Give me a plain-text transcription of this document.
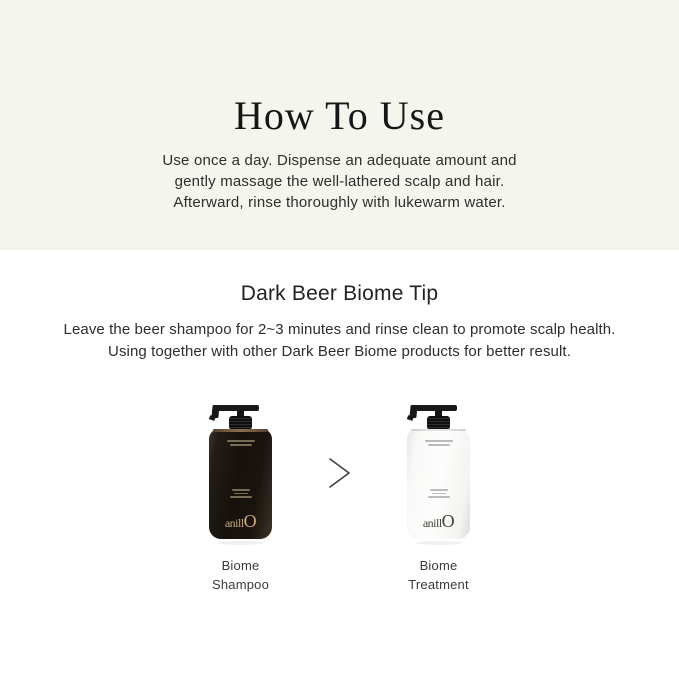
How To Use

Use once a day. Dispense an adequate amount and

gently massage the well-lathered scalp and hair.

Afterward, rinse thoroughly with lukewarm water.

Dark Beer Biome Tip

Leave the beer shampoo for 2~3 minutes and rinse clean to promote scalp health.

Using together with other Dark Beer Biome products for better result.

anillO
Biome
Shampoo
anillO
Biome
Treatment
